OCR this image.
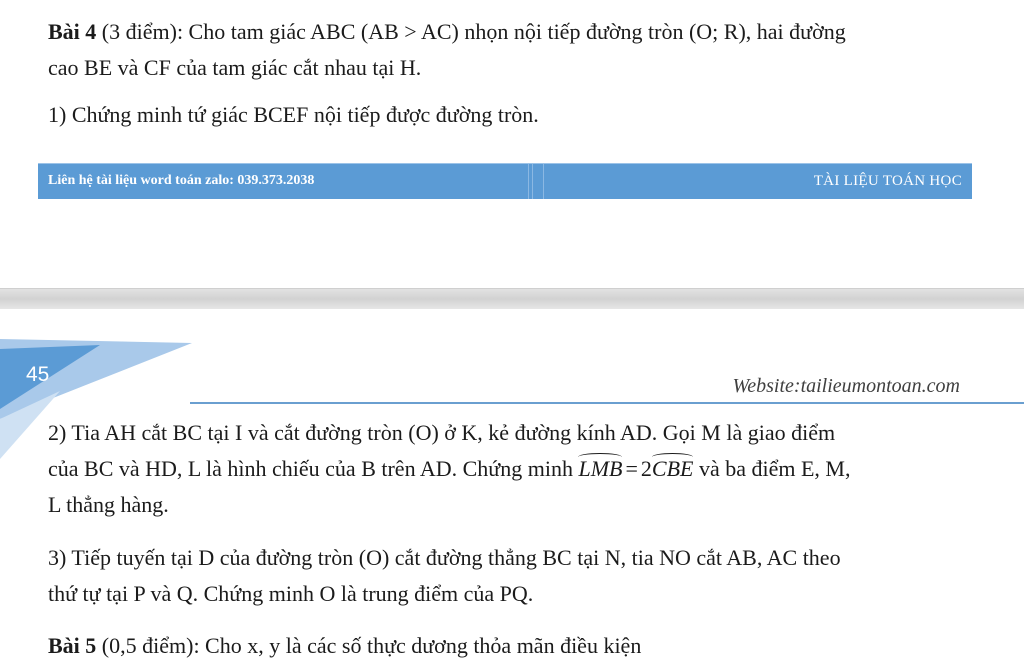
Bài 4 (3 điểm): Cho tam giác ABC (AB > AC) nhọn nội tiếp đường tròn (O; R), hai đường
cao BE và CF của tam giác cắt nhau tại H.

1) Chứng minh tứ giác BCEF nội tiếp được đường tròn.

Liên hệ tài liệu word toán zalo: 039.373.2038	TÀI LIỆU TOÁN HỌC
45	Website:tailieumontoan.com

2) Tia AH cắt BC tại I và cắt đường tròn (O) ở K, kẻ đường kính AD. Gọi M là giao điểm
của BC và HD, L là hình chiếu của B trên AD. Chứng minh LMB = 2CBE và ba điểm E, M,
L thẳng hàng.

3) Tiếp tuyến tại D của đường tròn (O) cắt đường thẳng BC tại N, tia NO cắt AB, AC theo
thứ tự tại P và Q. Chứng minh O là trung điểm của PQ.

Bài 5 (0,5 điểm): Cho x, y là các số thực dương thỏa mãn điều kiện
